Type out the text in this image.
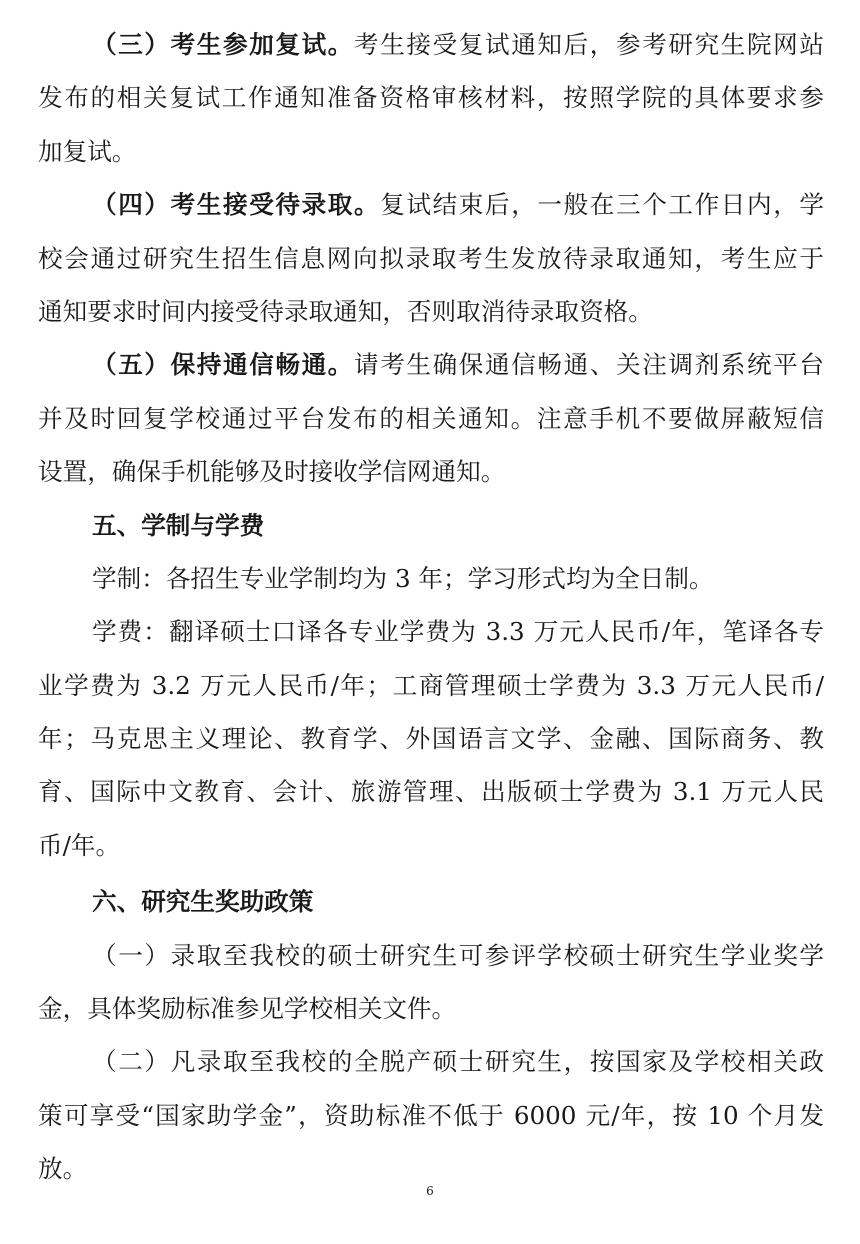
（三）考生参加复试。考生接受复试通知后，参考研究生院网站
发布的相关复试工作通知准备资格审核材料，按照学院的具体要求参
加复试。
（四）考生接受待录取。复试结束后，一般在三个工作日内，学
校会通过研究生招生信息网向拟录取考生发放待录取通知，考生应于
通知要求时间内接受待录取通知，否则取消待录取资格。
（五）保持通信畅通。请考生确保通信畅通、关注调剂系统平台
并及时回复学校通过平台发布的相关通知。注意手机不要做屏蔽短信
设置，确保手机能够及时接收学信网通知。
五、学制与学费
学制：各招生专业学制均为 3 年；学习形式均为全日制。
学费：翻译硕士口译各专业学费为 3.3 万元人民币/年，笔译各专
业学费为 3.2 万元人民币/年；工商管理硕士学费为 3.3 万元人民币/
年；马克思主义理论、教育学、外国语言文学、金融、国际商务、教
育、国际中文教育、会计、旅游管理、出版硕士学费为 3.1 万元人民
币/年。
六、研究生奖助政策
（一）录取至我校的硕士研究生可参评学校硕士研究生学业奖学
金，具体奖励标准参见学校相关文件。
（二）凡录取至我校的全脱产硕士研究生，按国家及学校相关政
策可享受“国家助学金”，资助标准不低于 6000 元/年，按 10 个月发
放。
6
